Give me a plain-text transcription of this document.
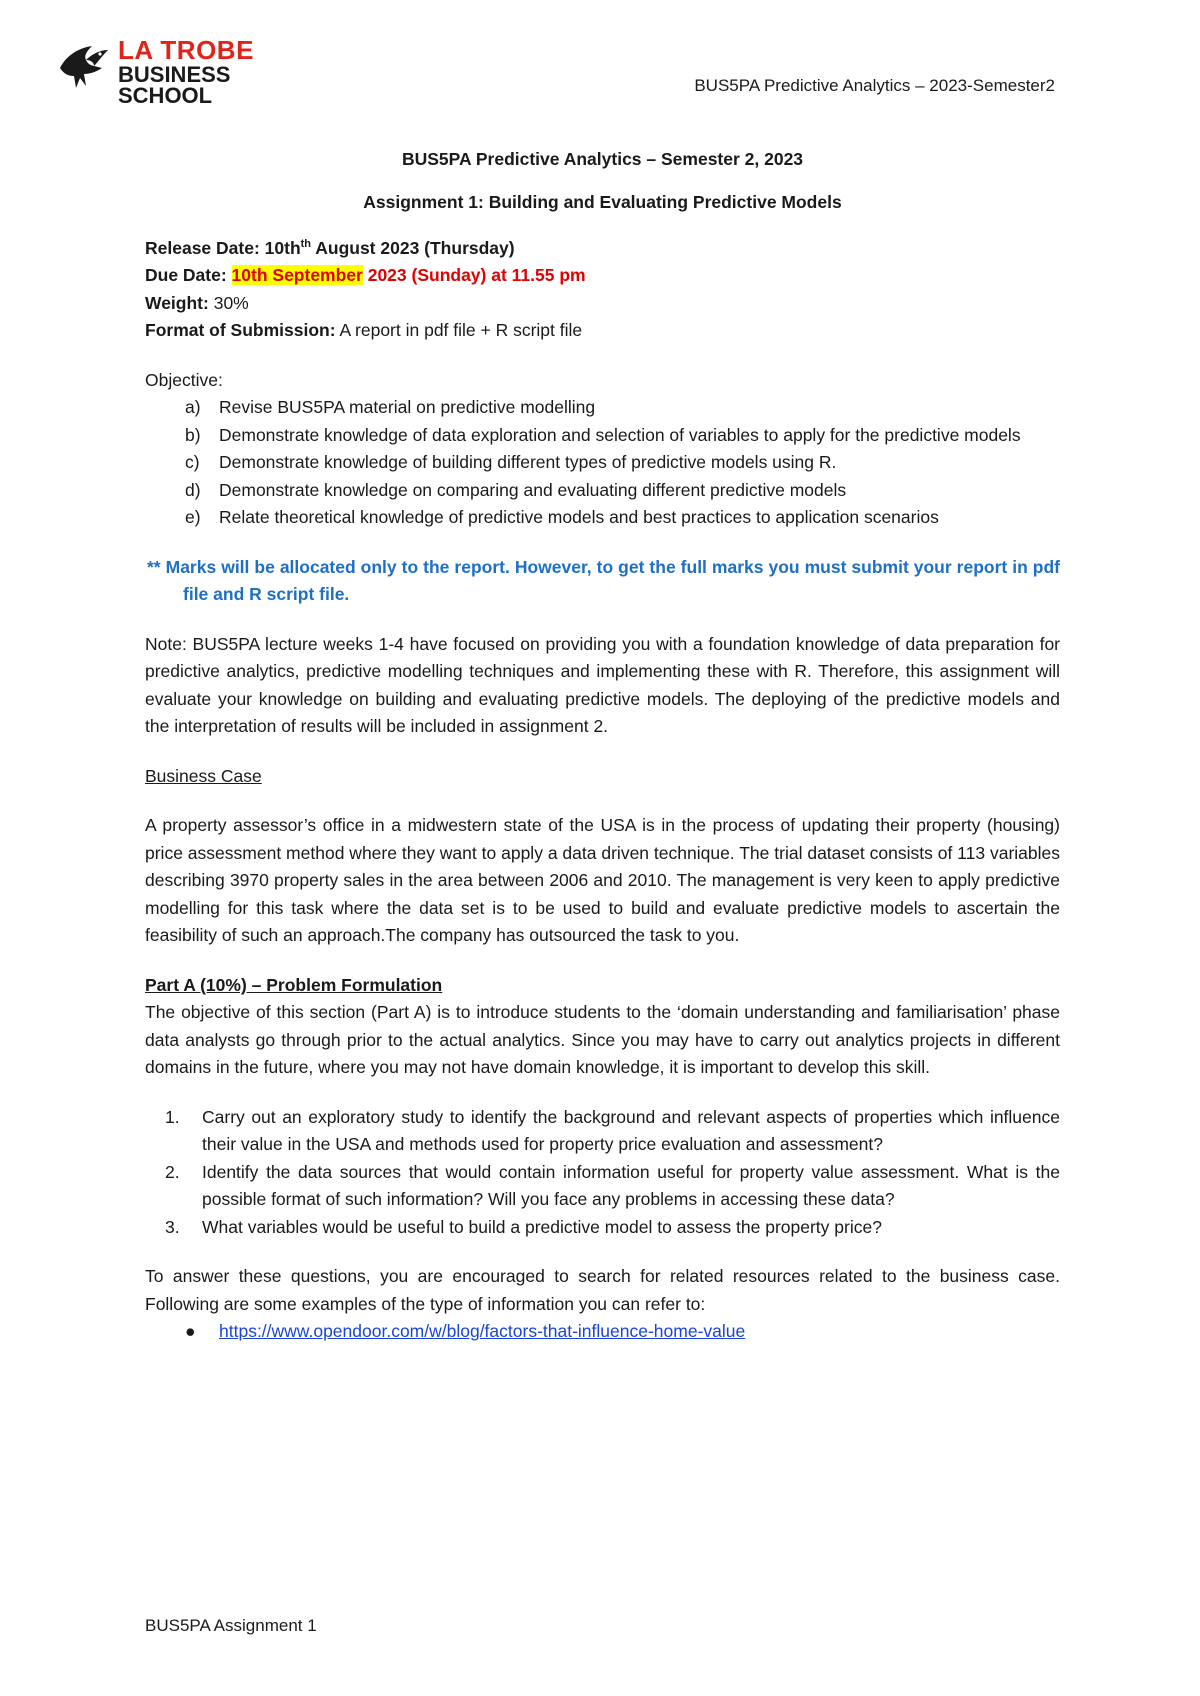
LA TROBE
BUSINESS
SCHOOL	BUS5PA Predictive Analytics – 2023-Semester2

BUS5PA Predictive Analytics – Semester 2, 2023

Assignment 1: Building and Evaluating Predictive Models

Release Date: $10th^{th}$ August 2023 (Thursday)

Due Date: 10th September 2023 (Sunday) at 11.55 pm

Weight: 30%

Format of Submission: A report in pdf file + R script file

Objective:

a) Revise BUS5PA material on predictive modelling
b) Demonstrate knowledge of data exploration and selection of variables to apply for the predictive models
c) Demonstrate knowledge of building different types of predictive models using R.
d) Demonstrate knowledge on comparing and evaluating different predictive models
e) Relate theoretical knowledge of predictive models and best practices to application scenarios

** Marks will be allocated only to the report. However, to get the full marks you must submit your report in pdf file and R script file.

Note: BUS5PA lecture weeks 1-4 have focused on providing you with a foundation knowledge of data preparation for predictive analytics, predictive modelling techniques and implementing these with R. Therefore, this assignment will evaluate your knowledge on building and evaluating predictive models. The deploying of the predictive models and the interpretation of results will be included in assignment 2.

Business Case

A property assessor’s office in a midwestern state of the USA is in the process of updating their property (housing) price assessment method where they want to apply a data driven technique. The trial dataset consists of 113 variables describing 3970 property sales in the area between 2006 and 2010. The management is very keen to apply predictive modelling for this task where the data set is to be used to build and evaluate predictive models to ascertain the feasibility of such an approach.The company has outsourced the task to you.

Part A (10%) – Problem Formulation

The objective of this section (Part A) is to introduce students to the ‘domain understanding and familiarisation’ phase data analysts go through prior to the actual analytics. Since you may have to carry out analytics projects in different domains in the future, where you may not have domain knowledge, it is important to develop this skill.

1. Carry out an exploratory study to identify the background and relevant aspects of properties which influence their value in the USA and methods used for property price evaluation and assessment?
2. Identify the data sources that would contain information useful for property value assessment. What is the possible format of such information? Will you face any problems in accessing these data?
3. What variables would be useful to build a predictive model to assess the property price?

To answer these questions, you are encouraged to search for related resources related to the business case. Following are some examples of the type of information you can refer to:

● https://www.opendoor.com/w/blog/factors-that-influence-home-value
BUS5PA Assignment 1
